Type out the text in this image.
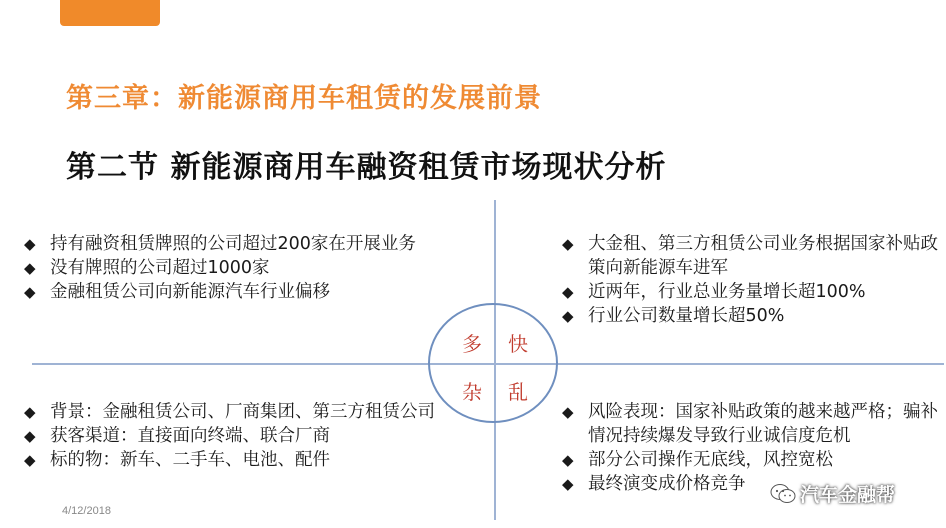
第三章：新能源商用车租赁的发展前景
第二节 新能源商用车融资租赁市场现状分析
多 快
杂 乱
◆ 持有融资租赁牌照的公司超过200家在开展业务
◆ 没有牌照的公司超过1000家
◆ 金融租赁公司向新能源汽车行业偏移
◆ 大金租、第三方租赁公司业务根据国家补贴政策向新能源车进军
◆ 近两年，行业总业务量增长超100%
◆ 行业公司数量增长超50%
◆ 背景：金融租赁公司、厂商集团、第三方租赁公司
◆ 获客渠道：直接面向终端、联合厂商
◆ 标的物：新车、二手车、电池、配件
◆ 风险表现：国家补贴政策的越来越严格；骗补情况持续爆发导致行业诚信度危机
◆ 部分公司操作无底线，风控宽松
◆ 最终演变成价格竞争
4/12/2018
汽车金融帮
